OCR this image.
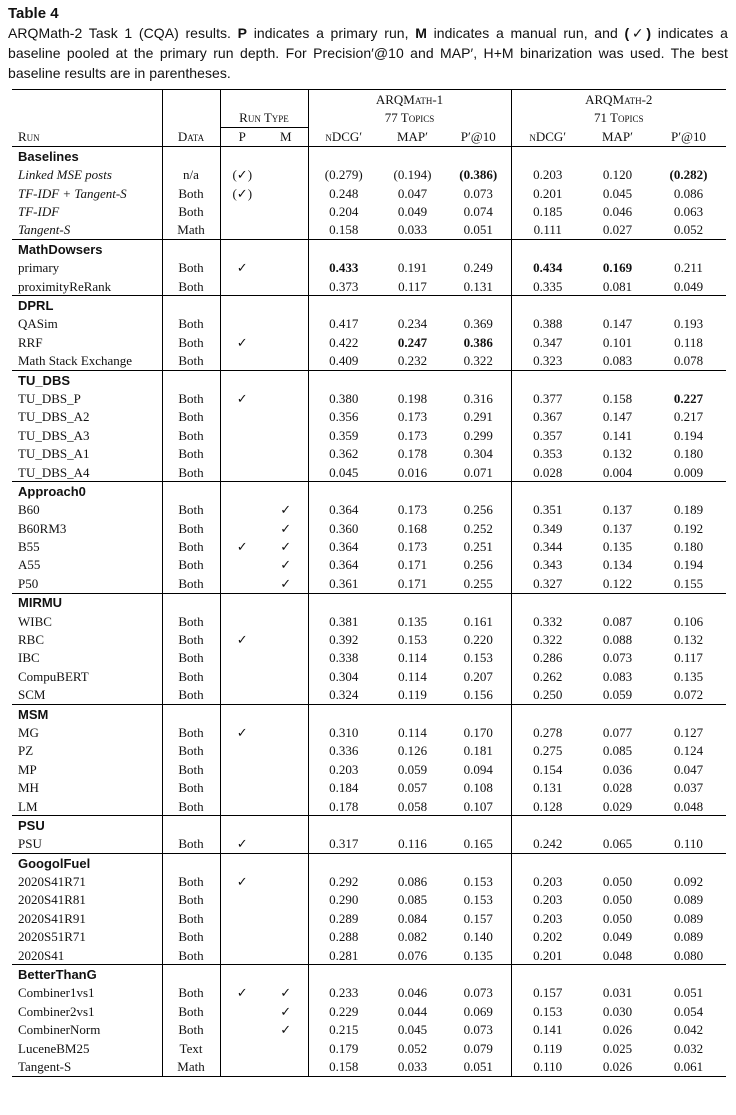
Table 4

ARQMath-2 Task 1 (CQA) results. P indicates a primary run, M indicates a manual run, and (✓) indicates a baseline pooled at the primary run depth. For Precision′@10 and MAP′, H+M binarization was used. The best baseline results are in parentheses.

				ARQMath-1			ARQMath-2		
		Run Type		77 Topics			71 Topics		
Run	Data	P	M	nDCG′	MAP′	P′@10	nDCG′	MAP′	P′@10
Baselines									
Linked MSE posts	n/a	(✓)		(0.279)	(0.194)	(0.386)	0.203	0.120	(0.282)
TF-IDF + Tangent-S	Both	(✓)		0.248	0.047	0.073	0.201	0.045	0.086
TF-IDF	Both			0.204	0.049	0.074	0.185	0.046	0.063
Tangent-S	Math			0.158	0.033	0.051	0.111	0.027	0.052
MathDowsers									
primary	Both	✓		0.433	0.191	0.249	0.434	0.169	0.211
proximityReRank	Both			0.373	0.117	0.131	0.335	0.081	0.049
DPRL									
QASim	Both			0.417	0.234	0.369	0.388	0.147	0.193
RRF	Both	✓		0.422	0.247	0.386	0.347	0.101	0.118
Math Stack Exchange	Both			0.409	0.232	0.322	0.323	0.083	0.078
TU_DBS									
TU_DBS_P	Both	✓		0.380	0.198	0.316	0.377	0.158	0.227
TU_DBS_A2	Both			0.356	0.173	0.291	0.367	0.147	0.217
TU_DBS_A3	Both			0.359	0.173	0.299	0.357	0.141	0.194
TU_DBS_A1	Both			0.362	0.178	0.304	0.353	0.132	0.180
TU_DBS_A4	Both			0.045	0.016	0.071	0.028	0.004	0.009
Approach0									
B60	Both		✓	0.364	0.173	0.256	0.351	0.137	0.189
B60RM3	Both		✓	0.360	0.168	0.252	0.349	0.137	0.192
B55	Both	✓	✓	0.364	0.173	0.251	0.344	0.135	0.180
A55	Both		✓	0.364	0.171	0.256	0.343	0.134	0.194
P50	Both		✓	0.361	0.171	0.255	0.327	0.122	0.155
MIRMU									
WIBC	Both			0.381	0.135	0.161	0.332	0.087	0.106
RBC	Both	✓		0.392	0.153	0.220	0.322	0.088	0.132
IBC	Both			0.338	0.114	0.153	0.286	0.073	0.117
CompuBERT	Both			0.304	0.114	0.207	0.262	0.083	0.135
SCM	Both			0.324	0.119	0.156	0.250	0.059	0.072
MSM									
MG	Both	✓		0.310	0.114	0.170	0.278	0.077	0.127
PZ	Both			0.336	0.126	0.181	0.275	0.085	0.124
MP	Both			0.203	0.059	0.094	0.154	0.036	0.047
MH	Both			0.184	0.057	0.108	0.131	0.028	0.037
LM	Both			0.178	0.058	0.107	0.128	0.029	0.048
PSU									
PSU	Both	✓		0.317	0.116	0.165	0.242	0.065	0.110
GoogolFuel									
2020S41R71	Both	✓		0.292	0.086	0.153	0.203	0.050	0.092
2020S41R81	Both			0.290	0.085	0.153	0.203	0.050	0.089
2020S41R91	Both			0.289	0.084	0.157	0.203	0.050	0.089
2020S51R71	Both			0.288	0.082	0.140	0.202	0.049	0.089
2020S41	Both			0.281	0.076	0.135	0.201	0.048	0.080
BetterThanG									
Combiner1vs1	Both	✓	✓	0.233	0.046	0.073	0.157	0.031	0.051
Combiner2vs1	Both		✓	0.229	0.044	0.069	0.153	0.030	0.054
CombinerNorm	Both		✓	0.215	0.045	0.073	0.141	0.026	0.042
LuceneBM25	Text			0.179	0.052	0.079	0.119	0.025	0.032
Tangent-S	Math			0.158	0.033	0.051	0.110	0.026	0.061
